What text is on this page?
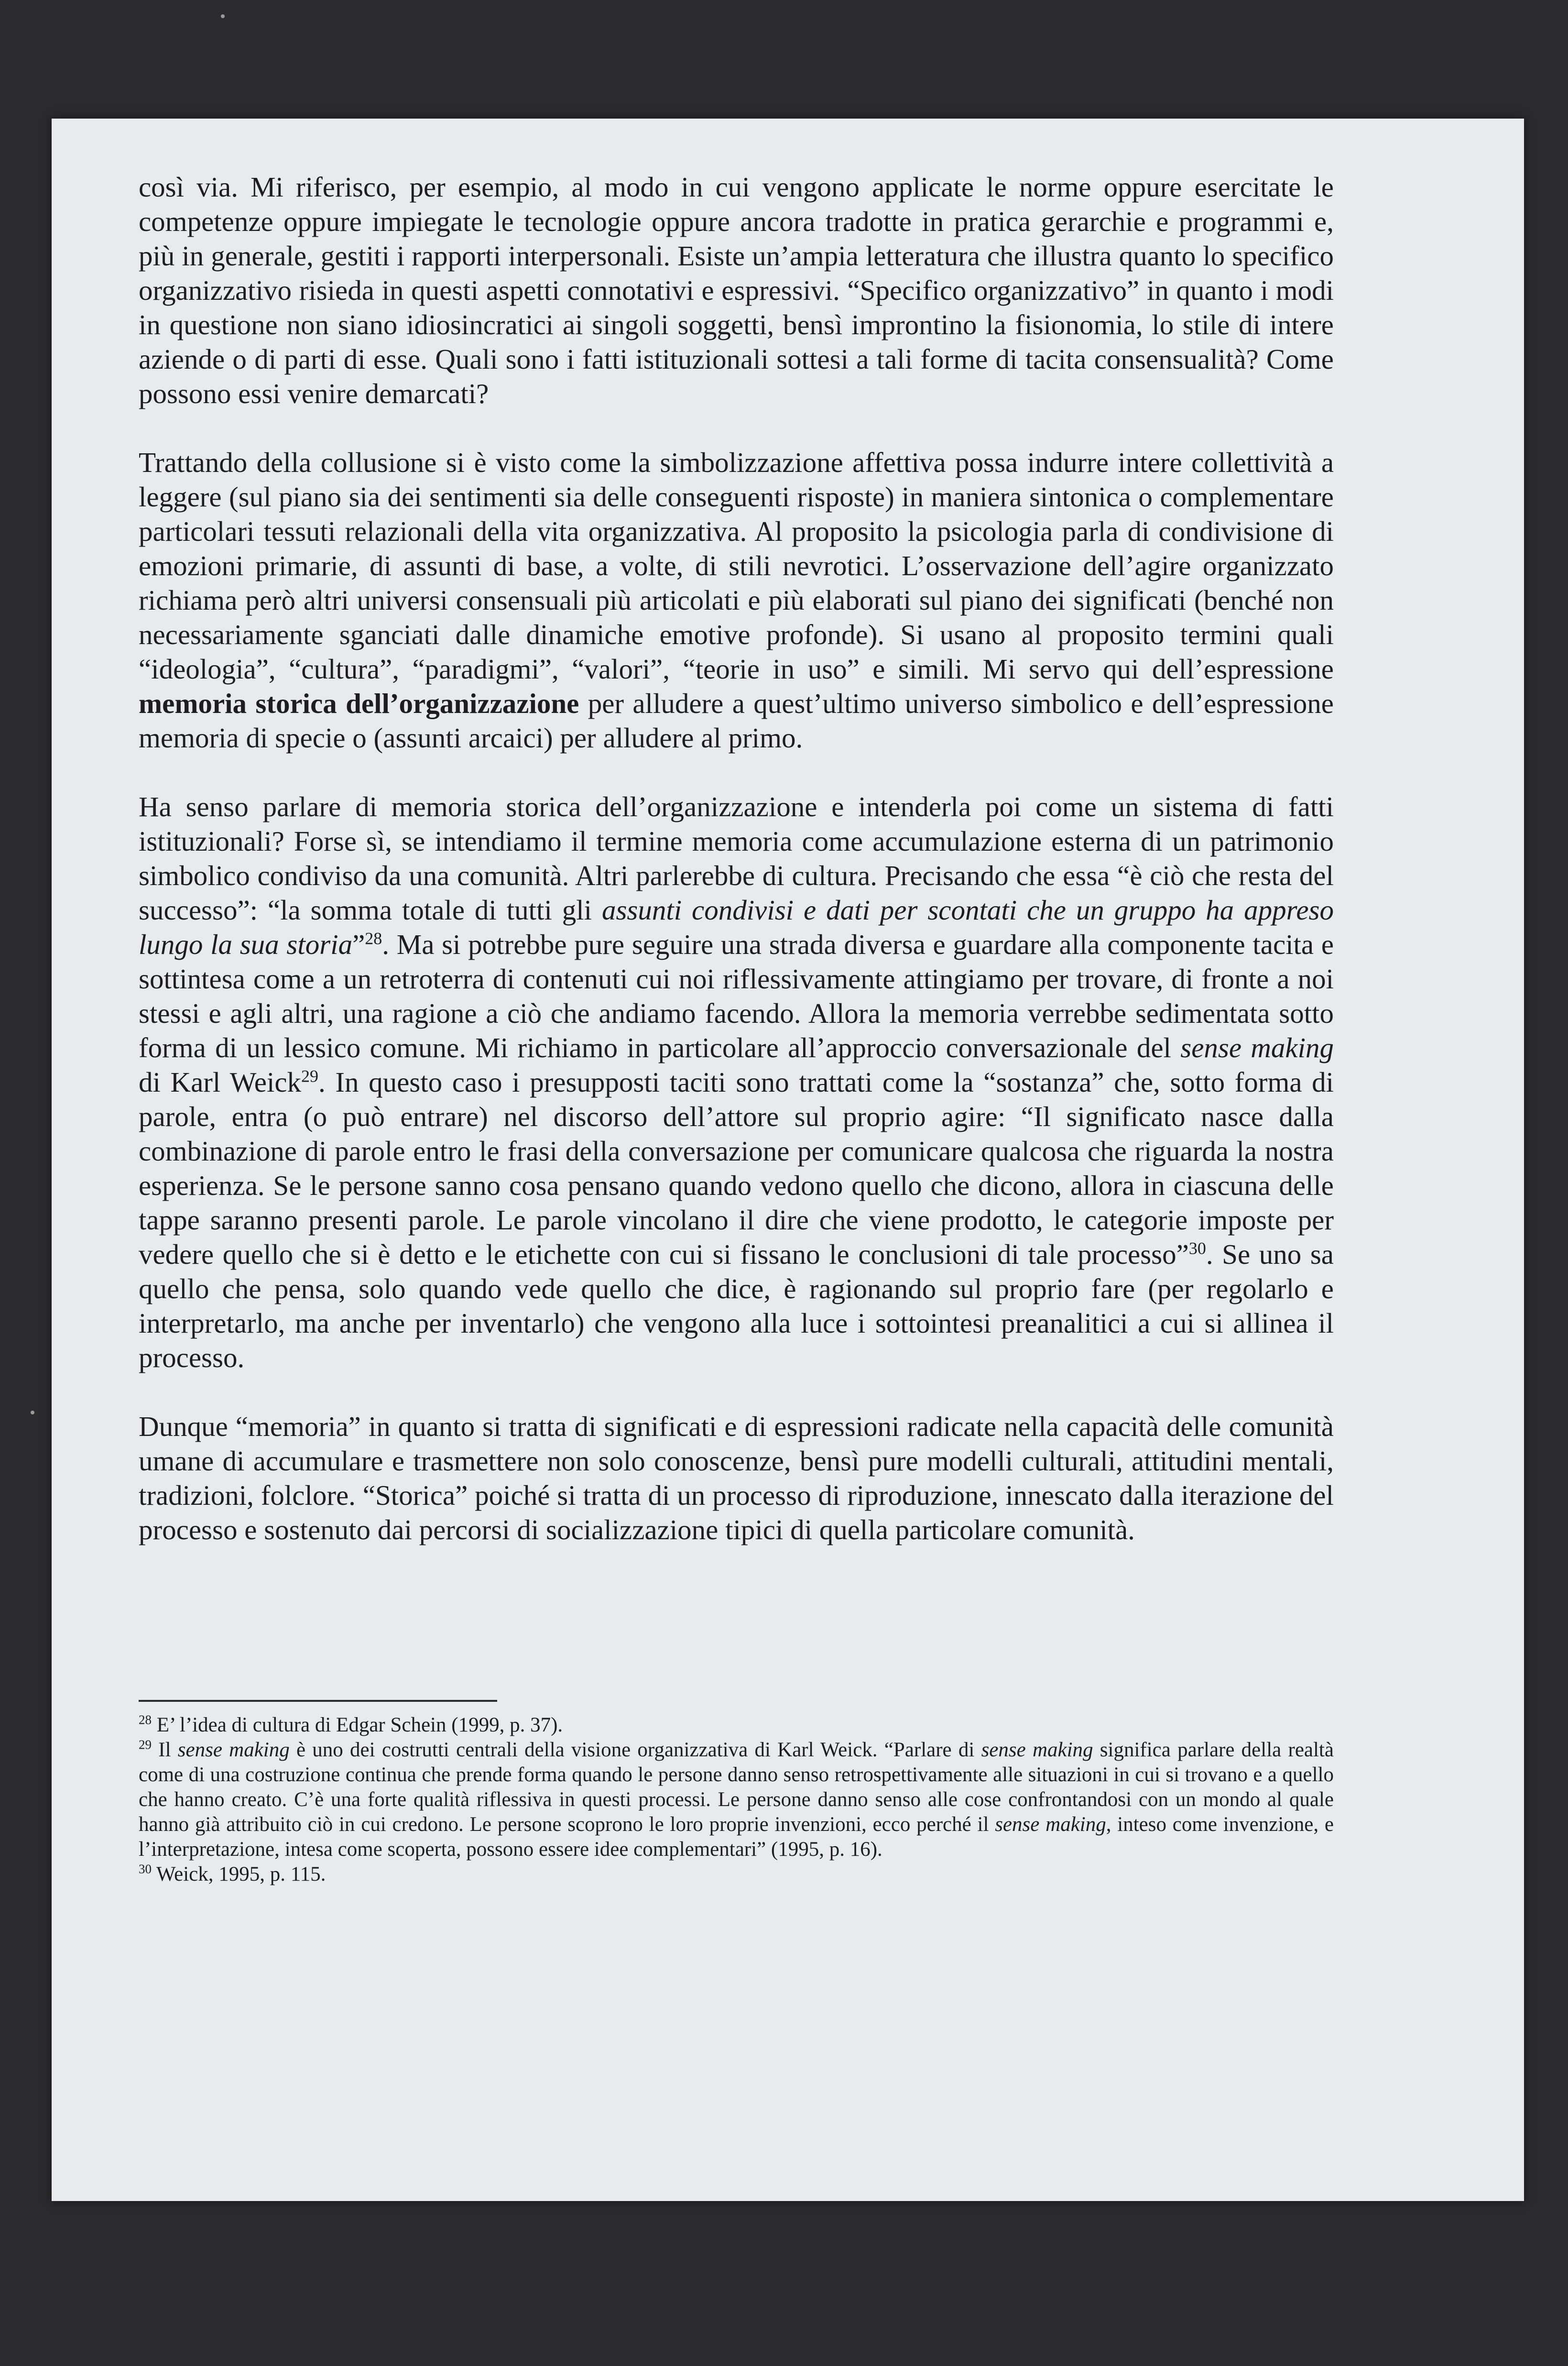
così via. Mi riferisco, per esempio, al modo in cui vengono applicate le norme oppure esercitate le competenze oppure impiegate le tecnologie oppure ancora tradotte in pratica gerarchie e programmi e, più in generale, gestiti i rapporti interpersonali. Esiste un’ampia letteratura che illustra quanto lo specifico organizzativo risieda in questi aspetti connotativi e espressivi. “Specifico organizzativo” in quanto i modi in questione non siano idiosincratici ai singoli soggetti, bensì improntino la fisionomia, lo stile di intere aziende o di parti di esse. Quali sono i fatti istituzionali sottesi a tali forme di tacita consensualità? Come possono essi venire demarcati?

Trattando della collusione si è visto come la simbolizzazione affettiva possa indurre intere collettività a leggere (sul piano sia dei sentimenti sia delle conseguenti risposte) in maniera sintonica o complementare particolari tessuti relazionali della vita organizzativa. Al proposito la psicologia parla di condivisione di emozioni primarie, di assunti di base, a volte, di stili nevrotici. L’osservazione dell’agire organizzato richiama però altri universi consensuali più articolati e più elaborati sul piano dei significati (benché non necessariamente sganciati dalle dinamiche emotive profonde). Si usano al proposito termini quali “ideologia”, “cultura”, “paradigmi”, “valori”, “teorie in uso” e simili. Mi servo qui dell’espressione memoria storica dell’organizzazione per alludere a quest’ultimo universo simbolico e dell’espressione memoria di specie o (assunti arcaici) per alludere al primo.

Ha senso parlare di memoria storica dell’organizzazione e intenderla poi come un sistema di fatti istituzionali? Forse sì, se intendiamo il termine memoria come accumulazione esterna di un patrimonio simbolico condiviso da una comunità. Altri parlerebbe di cultura. Precisando che essa “è ciò che resta del successo”: “la somma totale di tutti gli assunti condivisi e dati per scontati che un gruppo ha appreso lungo la sua storia”$^{28}$. Ma si potrebbe pure seguire una strada diversa e guardare alla componente tacita e sottintesa come a un retroterra di contenuti cui noi riflessivamente attingiamo per trovare, di fronte a noi stessi e agli altri, una ragione a ciò che andiamo facendo. Allora la memoria verrebbe sedimentata sotto forma di un lessico comune. Mi richiamo in particolare all’approccio conversazionale del sense making di Karl Weick$^{29}$. In questo caso i presupposti taciti sono trattati come la “sostanza” che, sotto forma di parole, entra (o può entrare) nel discorso dell’attore sul proprio agire: “Il significato nasce dalla combinazione di parole entro le frasi della conversazione per comunicare qualcosa che riguarda la nostra esperienza. Se le persone sanno cosa pensano quando vedono quello che dicono, allora in ciascuna delle tappe saranno presenti parole. Le parole vincolano il dire che viene prodotto, le categorie imposte per vedere quello che si è detto e le etichette con cui si fissano le conclusioni di tale processo”$^{30}$. Se uno sa quello che pensa, solo quando vede quello che dice, è ragionando sul proprio fare (per regolarlo e interpretarlo, ma anche per inventarlo) che vengono alla luce i sottointesi preanalitici a cui si allinea il processo.

Dunque “memoria” in quanto si tratta di significati e di espressioni radicate nella capacità delle comunità umane di accumulare e trasmettere non solo conoscenze, bensì pure modelli culturali, attitudini mentali, tradizioni, folclore. “Storica” poiché si tratta di un processo di riproduzione, innescato dalla iterazione del processo e sostenuto dai percorsi di socializzazione tipici di quella particolare comunità.

$^{28}$ E’ l’idea di cultura di Edgar Schein (1999, p. 37).

$^{29}$ Il sense making è uno dei costrutti centrali della visione organizzativa di Karl Weick. “Parlare di sense making significa parlare della realtà come di una costruzione continua che prende forma quando le persone danno senso retrospettivamente alle situazioni in cui si trovano e a quello che hanno creato. C’è una forte qualità riflessiva in questi processi. Le persone danno senso alle cose confrontandosi con un mondo al quale hanno già attribuito ciò in cui credono. Le persone scoprono le loro proprie invenzioni, ecco perché il sense making, inteso come invenzione, e l’interpretazione, intesa come scoperta, possono essere idee complementari” (1995, p. 16).

$^{30}$ Weick, 1995, p. 115.
